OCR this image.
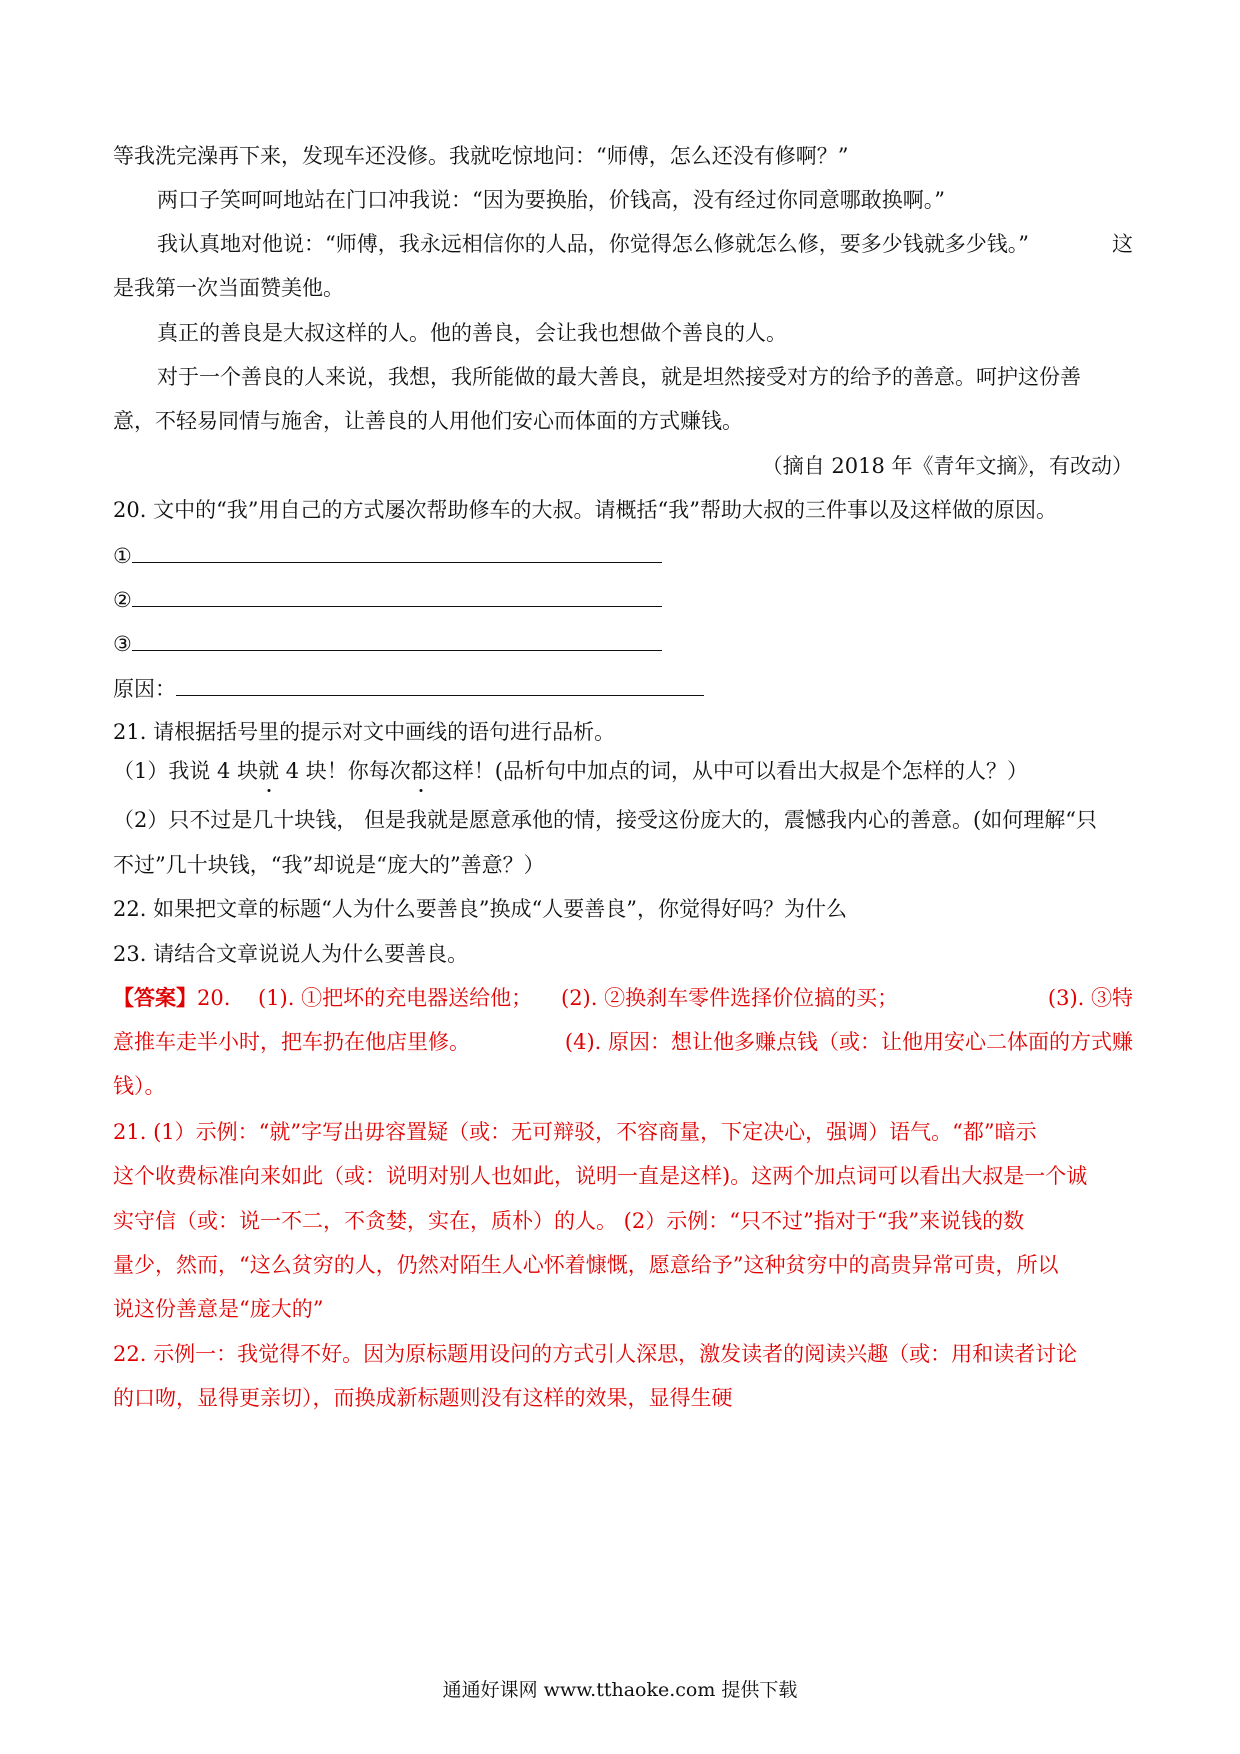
等我洗完澡再下来，发现车还没修。我就吃惊地问：“师傅，怎么还没有修啊？”
两口子笑呵呵地站在门口冲我说：“因为要换胎，价钱高，没有经过你同意哪敢换啊。”
我认真地对他说：“师傅，我永远相信你的人品，你觉得怎么修就怎么修，要多少钱就多少钱。”	这
是我第一次当面赞美他。
真正的善良是大叔这样的人。他的善良，会让我也想做个善良的人。
对于一个善良的人来说，我想，我所能做的最大善良，就是坦然接受对方的给予的善意。呵护这份善
意，不轻易同情与施舍，让善良的人用他们安心而体面的方式赚钱。
（摘自 2018 年《青年文摘》，有改动）
20. 文中的“我”用自己的方式屡次帮助修车的大叔。请概括“我”帮助大叔的三件事以及这样做的原因。
①
②
③
原因：
21. 请根据括号里的提示对文中画线的语句进行品析。
（1）我说 4 块就 4 块！你每次都这样！(品析句中加点的词，从中可以看出大叔是个怎样的人？）
（2）只不过是几十块钱， 但是我就是愿意承他的情，接受这份庞大的，震憾我内心的善意。(如何理解“只
不过”几十块钱，“我”却说是“庞大的”善意？）
22. 如果把文章的标题“人为什么要善良”换成“人要善良”，你觉得好吗？为什么
23. 请结合文章说说人为什么要善良。
【答案】20. (1). ①把坏的充电器送给他； (2). ②换刹车零件选择价位搞的买；	(3). ③特
意推车走半小时，把车扔在他店里修。	(4). 原因：想让他多赚点钱（或：让他用安心二体面的方式赚
钱）。
21. (1）示例：“就”字写出毋容置疑（或：无可辩驳，不容商量，下定决心，强调）语气。“都”暗示
这个收费标准向来如此（或：说明对别人也如此，说明一直是这样)。这两个加点词可以看出大叔是一个诚
实守信（或：说一不二，不贪婪，实在，质朴）的人。 (2）示例：“只不过”指对于“我”来说钱的数
量少，然而，“这么贫穷的人，仍然对陌生人心怀着慷慨，愿意给予”这种贫穷中的高贵异常可贵，所以
说这份善意是“庞大的”
22. 示例一：我觉得不好。因为原标题用设问的方式引人深思，激发读者的阅读兴趣（或：用和读者讨论
的口吻，显得更亲切），而换成新标题则没有这样的效果，显得生硬
通通好课网 www.tthaoke.com 提供下载
